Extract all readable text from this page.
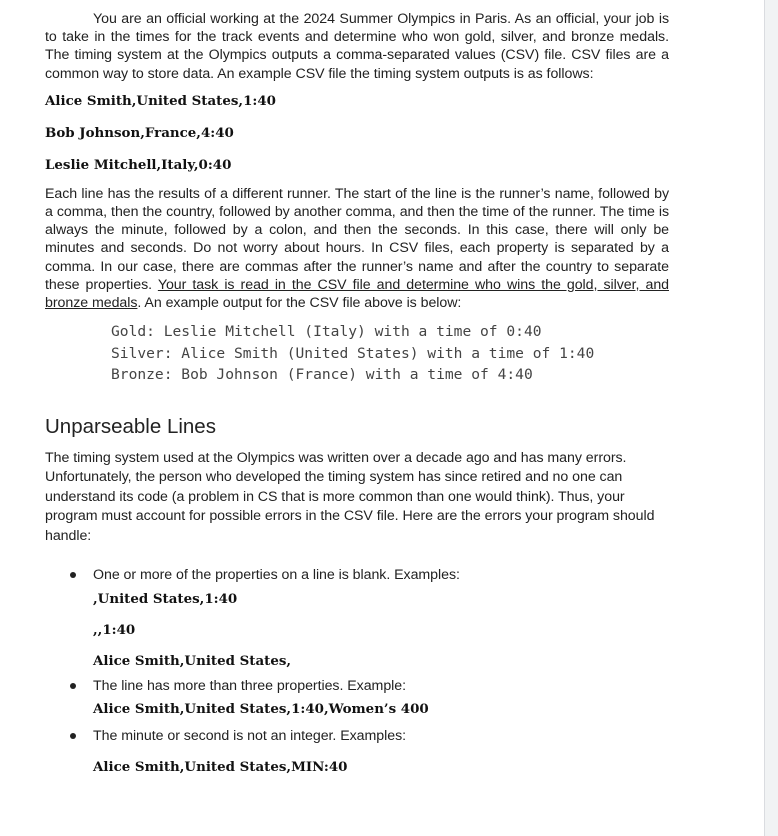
You are an official working at the 2024 Summer Olympics in Paris. As an official, your job is to take in the times for the track events and determine who won gold, silver, and bronze medals. The timing system at the Olympics outputs a comma-separated values (CSV) file. CSV files are a common way to store data. An example CSV file the timing system outputs is as follows:

Alice Smith,United States,1:40

Bob Johnson,France,4:40

Leslie Mitchell,Italy,0:40

Each line has the results of a different runner. The start of the line is the runner’s name, followed by a comma, then the country, followed by another comma, and then the time of the runner. The time is always the minute, followed by a colon, and then the seconds. In this case, there will only be minutes and seconds. Do not worry about hours. In CSV files, each property is separated by a comma. In our case, there are commas after the runner’s name and after the country to separate these properties. Your task is read in the CSV file and determine who wins the gold, silver, and bronze medals. An example output for the CSV file above is below:

Gold: Leslie Mitchell (Italy) with a time of 0:40
Silver: Alice Smith (United States) with a time of 1:40
Bronze: Bob Johnson (France) with a time of 4:40
Unparseable Lines

The timing system used at the Olympics was written over a decade ago and has many errors. Unfortunately, the person who developed the timing system has since retired and no one can understand its code (a problem in CS that is more common than one would think). Thus, your program must account for possible errors in the CSV file. Here are the errors your program should handle:

One or more of the properties on a line is blank. Examples:
,United States,1:40
,,1:40
Alice Smith,United States,
The line has more than three properties. Example:
Alice Smith,United States,1:40,Women’s 400
The minute or second is not an integer. Examples:
Alice Smith,United States,MIN:40
